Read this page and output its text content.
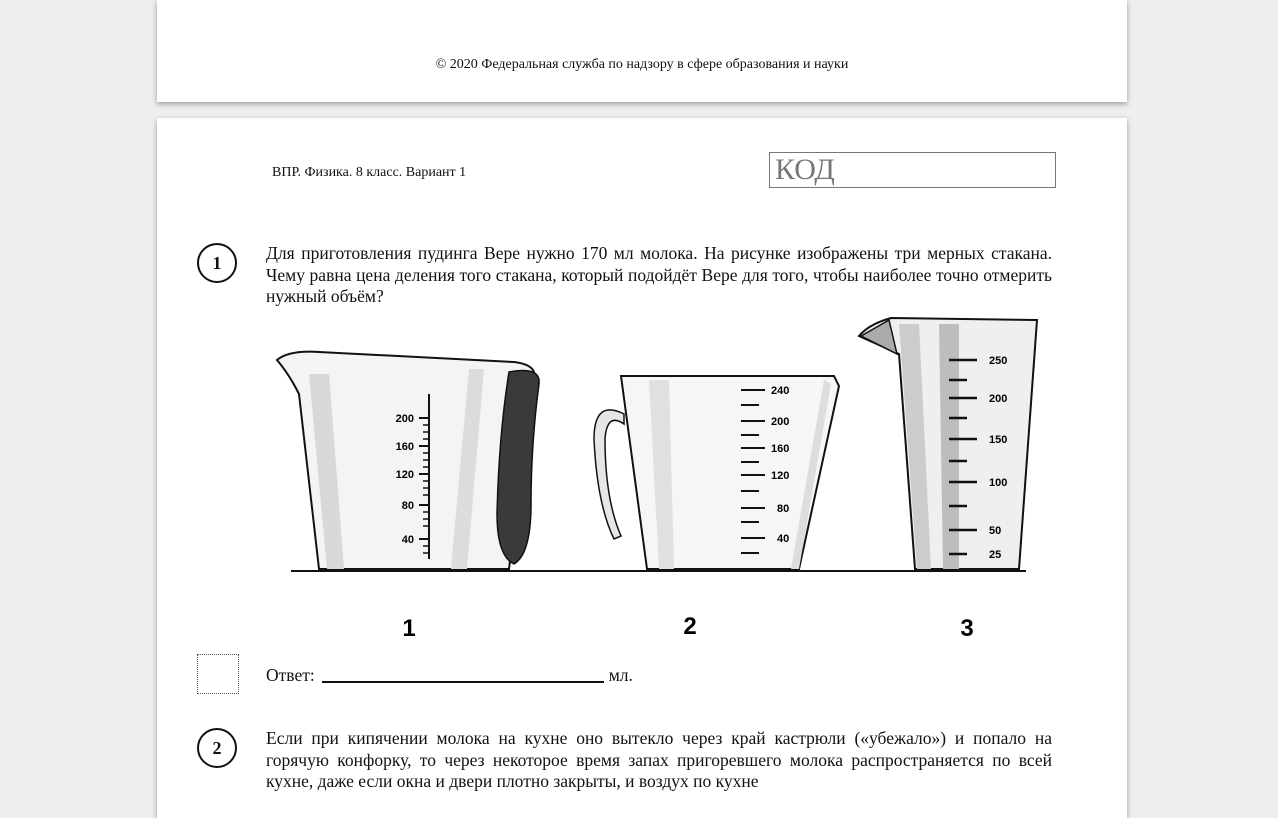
© 2020 Федеральная служба по надзору в сфере образования и науки
ВПР. Физика. 8 класс. Вариант 1	КОД
1	Для приготовления пудинга Вере нужно 170 мл молока. На рисунке изображены три мерных стакана. Чему равна цена деления того стакана, который подойдёт Вере для того, чтобы наиболее точно отмерить нужный объём?
200
160
120
80
40
1
240
200
160
120
80
40
2
250
200
150
100
50
25
3
Ответ:	мл.
2	Если при кипячении молока на кухне оно вытекло через край кастрюли («убежало») и попало на горячую конфорку, то через некоторое время запах пригоревшего молока распространяется по всей кухне, даже если окна и двери плотно закрыты, и воздух по кухне
